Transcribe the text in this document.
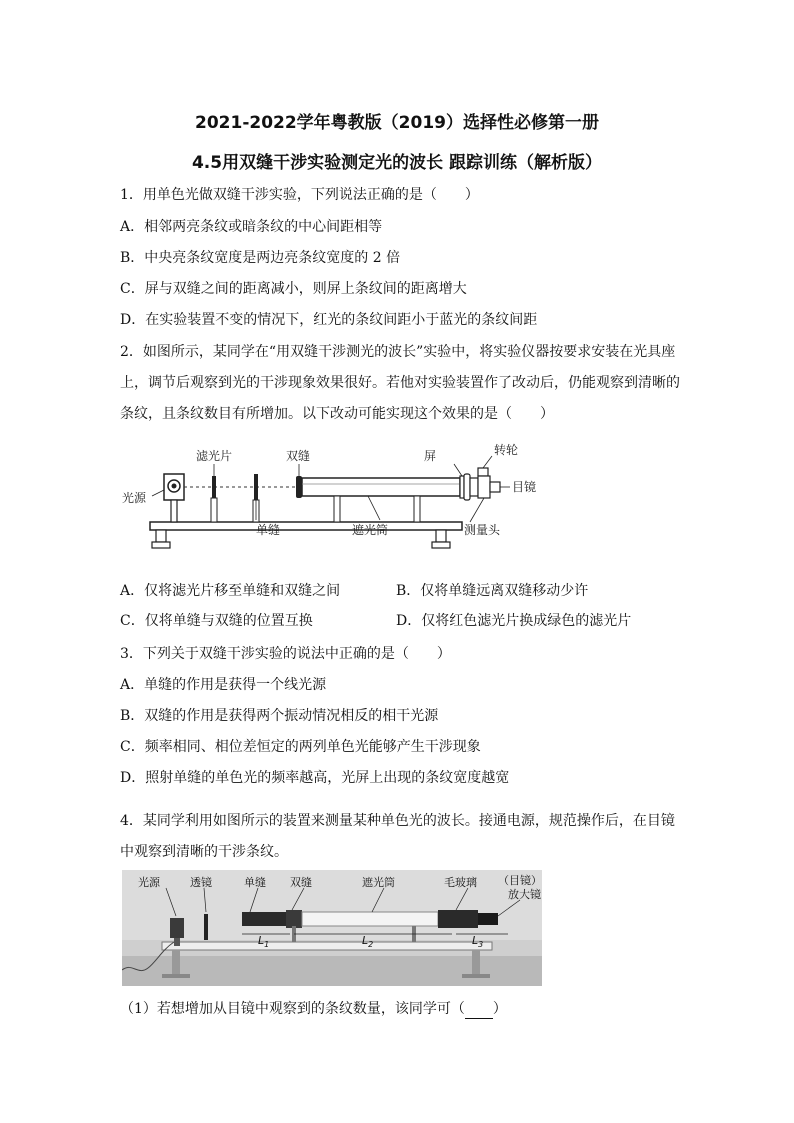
2021-2022学年粤教版（2019）选择性必修第一册
4.5用双缝干涉实验测定光的波长 跟踪训练（解析版）
1．用单色光做双缝干涉实验，下列说法正确的是（　　）
A．相邻两亮条纹或暗条纹的中心间距相等
B．中央亮条纹宽度是两边亮条纹宽度的 2 倍
C．屏与双缝之间的距离减小，则屏上条纹间的距离增大
D．在实验装置不变的情况下，红光的条纹间距小于蓝光的条纹间距
2．如图所示，某同学在“用双缝干涉测光的波长”实验中，将实验仪器按要求安装在光具座
上，调节后观察到光的干涉现象效果很好。若他对实验装置作了改动后，仍能观察到清晰的
条纹，且条纹数目有所增加。以下改动可能实现这个效果的是（　　）
滤光片	双缝	屏	转轮
目镜
光源
测量头
单缝	遮光筒
A．仅将滤光片移至单缝和双缝之间	B．仅将单缝远离双缝移动少许
C．仅将单缝与双缝的位置互换	D．仅将红色滤光片换成绿色的滤光片
3．下列关于双缝干涉实验的说法中正确的是（　　）
A．单缝的作用是获得一个线光源
B．双缝的作用是获得两个振动情况相反的相干光源
C．频率相同、相位差恒定的两列单色光能够产生干涉现象
D．照射单缝的单色光的频率越高，光屏上出现的条纹宽度越宽
4．某同学利用如图所示的装置来测量某种单色光的波长。接通电源，规范操作后，在目镜
中观察到清晰的干涉条纹。
光源	透镜	单缝 双缝	遮光筒	毛玻璃 （目镜）
放大镜
$L_1$	$L_2$	$L_3$
（1）若想增加从目镜中观察到的条纹数量，该同学可（ ）
